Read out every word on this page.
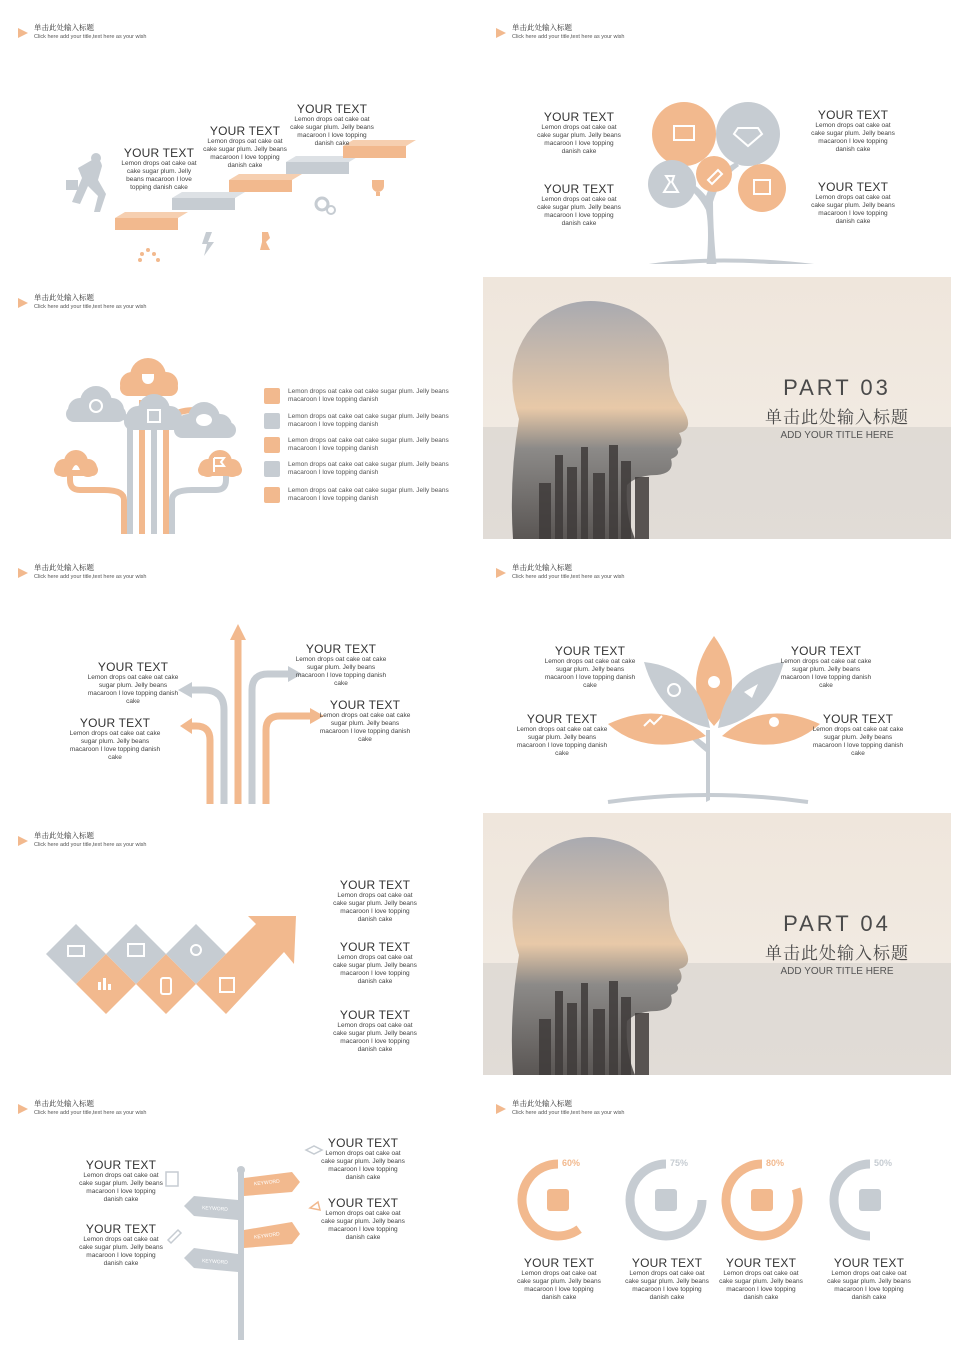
单击此处输入标题
Click here add your title,text here as your wish
YOUR TEXT
Lemon drops oat cake oat cake sugar plum. Jelly beans macaroon I love topping danish cake
YOUR TEXT
Lemon drops oat cake oat cake sugar plum. Jelly beans macaroon I love topping danish cake
YOUR TEXT
Lemon drops oat cake oat cake sugar plum. Jelly beans macaroon I love topping danish cake
单击此处输入标题
Click here add your title,text here as your wish
YOUR TEXT
Lemon drops oat cake oat cake sugar plum. Jelly beans macaroon I love topping danish cake
YOUR TEXT
Lemon drops oat cake oat cake sugar plum. Jelly beans macaroon I love topping danish cake
YOUR TEXT
Lemon drops oat cake oat cake sugar plum. Jelly beans macaroon I love topping danish cake
YOUR TEXT
Lemon drops oat cake oat cake sugar plum. Jelly beans macaroon I love topping danish cake
单击此处输入标题
Click here add your title,text here as your wish
Lemon drops oat cake oat cake sugar plum. Jelly beans macaroon I love topping danish
Lemon drops oat cake oat cake sugar plum. Jelly beans macaroon I love topping danish
Lemon drops oat cake oat cake sugar plum. Jelly beans macaroon I love topping danish
Lemon drops oat cake oat cake sugar plum. Jelly beans macaroon I love topping danish
Lemon drops oat cake oat cake sugar plum. Jelly beans macaroon I love topping danish
PART 03
单击此处输入标题
ADD YOUR TITLE HERE
单击此处输入标题
Click here add your title,text here as your wish
YOUR TEXT
Lemon drops oat cake oat cake sugar plum. Jelly beans macaroon I love topping danish cake
YOUR TEXT
Lemon drops oat cake oat cake sugar plum. Jelly beans macaroon I love topping danish cake
YOUR TEXT
Lemon drops oat cake oat cake sugar plum. Jelly beans macaroon I love topping danish cake
YOUR TEXT
Lemon drops oat cake oat cake sugar plum. Jelly beans macaroon I love topping danish cake
单击此处输入标题
Click here add your title,text here as your wish
YOUR TEXT
Lemon drops oat cake oat cake sugar plum. Jelly beans macaroon I love topping danish cake
YOUR TEXT
Lemon drops oat cake oat cake sugar plum. Jelly beans macaroon I love topping danish cake
YOUR TEXT
Lemon drops oat cake oat cake sugar plum. Jelly beans macaroon I love topping danish cake
YOUR TEXT
Lemon drops oat cake oat cake sugar plum. Jelly beans macaroon I love topping danish cake
单击此处输入标题
Click here add your title,text here as your wish
YOUR TEXT
Lemon drops oat cake oat cake sugar plum. Jelly beans macaroon I love topping danish cake
YOUR TEXT
Lemon drops oat cake oat cake sugar plum. Jelly beans macaroon I love topping danish cake
YOUR TEXT
Lemon drops oat cake oat cake sugar plum. Jelly beans macaroon I love topping danish cake
PART 04
单击此处输入标题
ADD YOUR TITLE HERE
单击此处输入标题
Click here add your title,text here as your wish
KEYWORD
KEYWORD
KEYWORD
KEYWORD
YOUR TEXT
Lemon drops oat cake oat cake sugar plum. Jelly beans macaroon I love topping danish cake
YOUR TEXT
Lemon drops oat cake oat cake sugar plum. Jelly beans macaroon I love topping danish cake
YOUR TEXT
Lemon drops oat cake oat cake sugar plum. Jelly beans macaroon I love topping danish cake
YOUR TEXT
Lemon drops oat cake oat cake sugar plum. Jelly beans macaroon I love topping danish cake
单击此处输入标题
Click here add your title,text here as your wish
60%	75%	80%	50%
YOUR TEXT
Lemon drops oat cake oat cake sugar plum. Jelly beans macaroon I love topping danish cake
YOUR TEXT
Lemon drops oat cake oat cake sugar plum. Jelly beans macaroon I love topping danish cake
YOUR TEXT
Lemon drops oat cake oat cake sugar plum. Jelly beans macaroon I love topping danish cake
YOUR TEXT
Lemon drops oat cake oat cake sugar plum. Jelly beans macaroon I love topping danish cake
